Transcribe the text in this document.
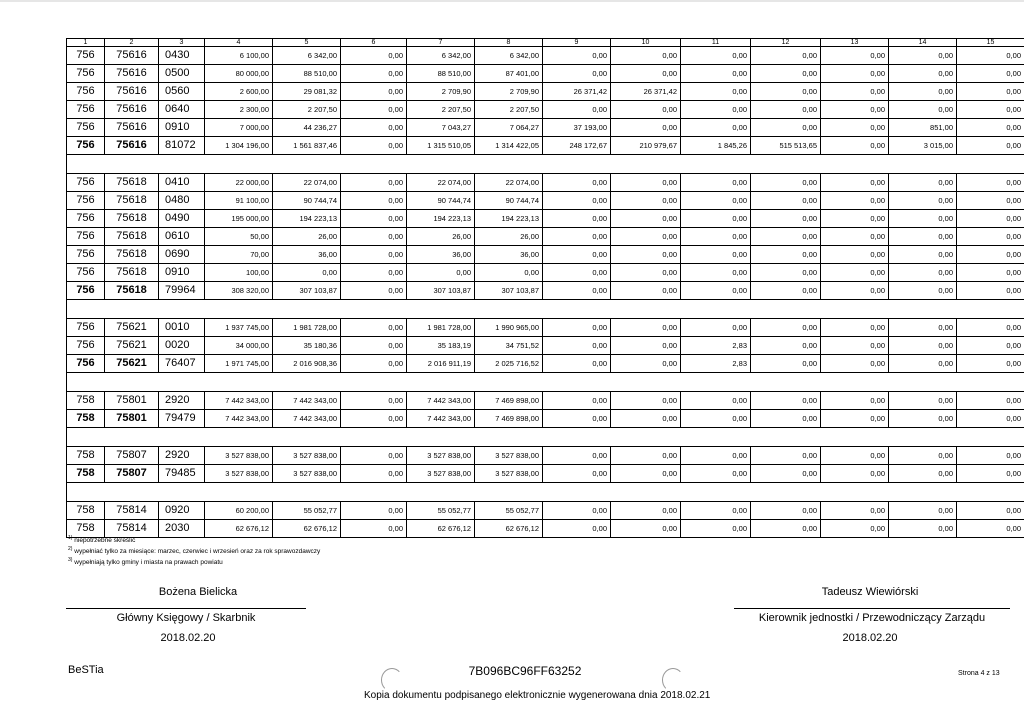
1	2	3	4	5	6	7	8	9	10	11	12	13	14	15
756	75616	0430	6 100,00	6 342,00	0,00	6 342,00	6 342,00	0,00	0,00	0,00	0,00	0,00	0,00	0,00
756	75616	0500	80 000,00	88 510,00	0,00	88 510,00	87 401,00	0,00	0,00	0,00	0,00	0,00	0,00	0,00
756	75616	0560	2 600,00	29 081,32	0,00	2 709,90	2 709,90	26 371,42	26 371,42	0,00	0,00	0,00	0,00	0,00
756	75616	0640	2 300,00	2 207,50	0,00	2 207,50	2 207,50	0,00	0,00	0,00	0,00	0,00	0,00	0,00
756	75616	0910	7 000,00	44 236,27	0,00	7 043,27	7 064,27	37 193,00	0,00	0,00	0,00	0,00	851,00	0,00
756	75616	81072	1 304 196,00	1 561 837,46	0,00	1 315 510,05	1 314 422,05	248 172,67	210 979,67	1 845,26	515 513,65	0,00	3 015,00	0,00

756	75618	0410	22 000,00	22 074,00	0,00	22 074,00	22 074,00	0,00	0,00	0,00	0,00	0,00	0,00	0,00
756	75618	0480	91 100,00	90 744,74	0,00	90 744,74	90 744,74	0,00	0,00	0,00	0,00	0,00	0,00	0,00
756	75618	0490	195 000,00	194 223,13	0,00	194 223,13	194 223,13	0,00	0,00	0,00	0,00	0,00	0,00	0,00
756	75618	0610	50,00	26,00	0,00	26,00	26,00	0,00	0,00	0,00	0,00	0,00	0,00	0,00
756	75618	0690	70,00	36,00	0,00	36,00	36,00	0,00	0,00	0,00	0,00	0,00	0,00	0,00
756	75618	0910	100,00	0,00	0,00	0,00	0,00	0,00	0,00	0,00	0,00	0,00	0,00	0,00
756	75618	79964	308 320,00	307 103,87	0,00	307 103,87	307 103,87	0,00	0,00	0,00	0,00	0,00	0,00	0,00

756	75621	0010	1 937 745,00	1 981 728,00	0,00	1 981 728,00	1 990 965,00	0,00	0,00	0,00	0,00	0,00	0,00	0,00
756	75621	0020	34 000,00	35 180,36	0,00	35 183,19	34 751,52	0,00	0,00	2,83	0,00	0,00	0,00	0,00
756	75621	76407	1 971 745,00	2 016 908,36	0,00	2 016 911,19	2 025 716,52	0,00	0,00	2,83	0,00	0,00	0,00	0,00

758	75801	2920	7 442 343,00	7 442 343,00	0,00	7 442 343,00	7 469 898,00	0,00	0,00	0,00	0,00	0,00	0,00	0,00
758	75801	79479	7 442 343,00	7 442 343,00	0,00	7 442 343,00	7 469 898,00	0,00	0,00	0,00	0,00	0,00	0,00	0,00

758	75807	2920	3 527 838,00	3 527 838,00	0,00	3 527 838,00	3 527 838,00	0,00	0,00	0,00	0,00	0,00	0,00	0,00
758	75807	79485	3 527 838,00	3 527 838,00	0,00	3 527 838,00	3 527 838,00	0,00	0,00	0,00	0,00	0,00	0,00	0,00

758	75814	0920	60 200,00	55 052,77	0,00	55 052,77	55 052,77	0,00	0,00	0,00	0,00	0,00	0,00	0,00
758	75814	2030	62 676,12	62 676,12	0,00	62 676,12	62 676,12	0,00	0,00	0,00	0,00	0,00	0,00	0,00
$^{1)}$ niepotrzebne skreślić
$^{2)}$ wypełniać tylko za miesiące: marzec, czerwiec i wrzesień oraz za rok sprawozdawczy
$^{3)}$ wypełniają tylko gminy i miasta na prawach powiatu
Bożena Bielicka
Główny Księgowy / Skarbnik
2018.02.20
Tadeusz Wiewiórski
Kierownik jednostki / Przewodniczący Zarządu
2018.02.20
BeSTia	7B096BC96FF63252
Kopia dokumentu podpisanego elektronicznie wygenerowana dnia 2018.02.21
Strona 4 z 13
